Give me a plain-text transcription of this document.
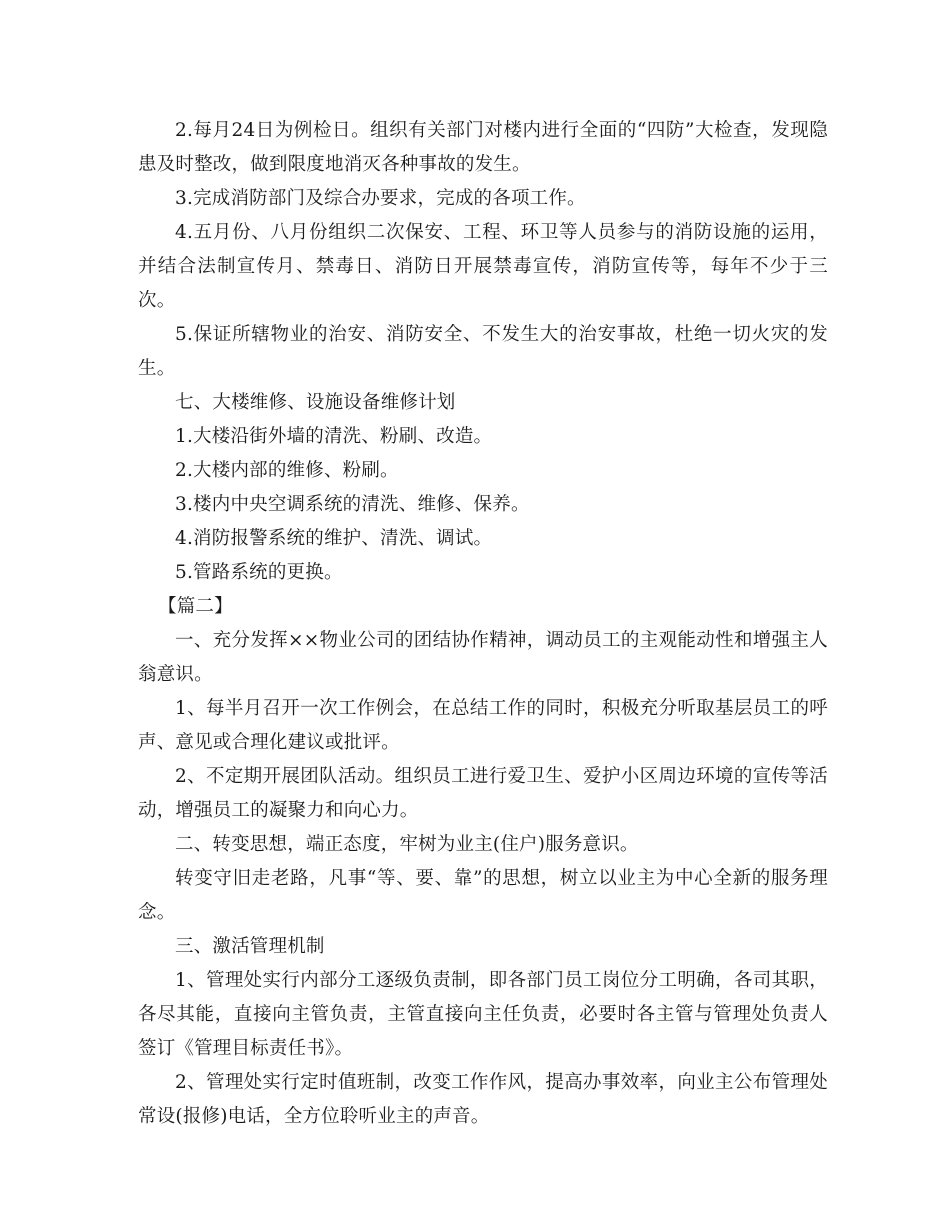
2.每月24日为例检日。组织有关部门对楼内进行全面的“四防”大检查，发现隐患及时整改，做到限度地消灭各种事故的发生。

3.完成消防部门及综合办要求，完成的各项工作。

4.五月份、八月份组织二次保安、工程、环卫等人员参与的消防设施的运用，并结合法制宣传月、禁毒日、消防日开展禁毒宣传，消防宣传等，每年不少于三次。

5.保证所辖物业的治安、消防安全、不发生大的治安事故，杜绝一切火灾的发生。

七、大楼维修、设施设备维修计划

1.大楼沿街外墙的清洗、粉刷、改造。

2.大楼内部的维修、粉刷。

3.楼内中央空调系统的清洗、维修、保养。

4.消防报警系统的维护、清洗、调试。

5.管路系统的更换。

【篇二】

一、充分发挥××物业公司的团结协作精神，调动员工的主观能动性和增强主人翁意识。

1、每半月召开一次工作例会，在总结工作的同时，积极充分听取基层员工的呼声、意见或合理化建议或批评。

2、不定期开展团队活动。组织员工进行爱卫生、爱护小区周边环境的宣传等活动，增强员工的凝聚力和向心力。

二、转变思想，端正态度，牢树为业主(住户)服务意识。

转变守旧走老路，凡事“等、要、靠”的思想，树立以业主为中心全新的服务理念。

三、激活管理机制

1、管理处实行内部分工逐级负责制，即各部门员工岗位分工明确，各司其职，各尽其能，直接向主管负责，主管直接向主任负责，必要时各主管与管理处负责人签订《管理目标责任书》。

2、管理处实行定时值班制，改变工作作风，提高办事效率，向业主公布管理处常设(报修)电话，全方位聆听业主的声音。
